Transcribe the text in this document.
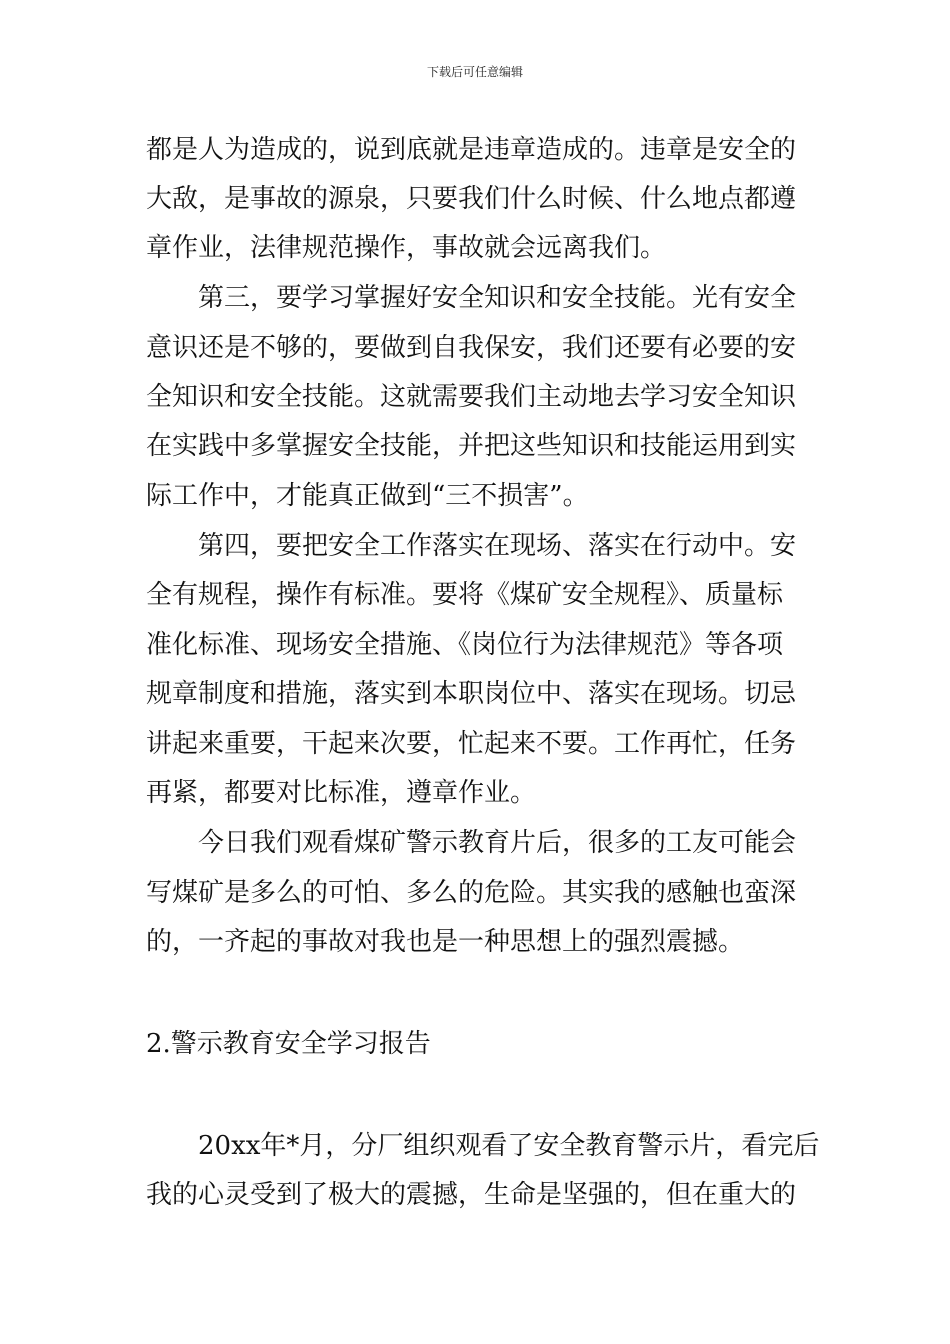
下载后可任意编辑

都是人为造成的，说到底就是违章造成的。违章是安全的

大敌，是事故的源泉，只要我们什么时候、什么地点都遵

章作业，法律规范操作，事故就会远离我们。

　　第三，要学习掌握好安全知识和安全技能。光有安全

意识还是不够的，要做到自我保安，我们还要有必要的安

全知识和安全技能。这就需要我们主动地去学习安全知识

在实践中多掌握安全技能，并把这些知识和技能运用到实

际工作中，才能真正做到“三不损害”。

　　第四，要把安全工作落实在现场、落实在行动中。安

全有规程，操作有标准。要将《煤矿安全规程》、质量标

准化标准、现场安全措施、《岗位行为法律规范》等各项

规章制度和措施，落实到本职岗位中、落实在现场。切忌

讲起来重要，干起来次要，忙起来不要。工作再忙，任务

再紧，都要对比标准，遵章作业。

　　今日我们观看煤矿警示教育片后，很多的工友可能会

写煤矿是多么的可怕、多么的危险。其实我的感触也蛮深

的，一齐起的事故对我也是一种思想上的强烈震撼。

2.警示教育安全学习报告

　　20xx年*月，分厂组织观看了安全教育警示片，看完后

我的心灵受到了极大的震撼，生命是坚强的，但在重大的
